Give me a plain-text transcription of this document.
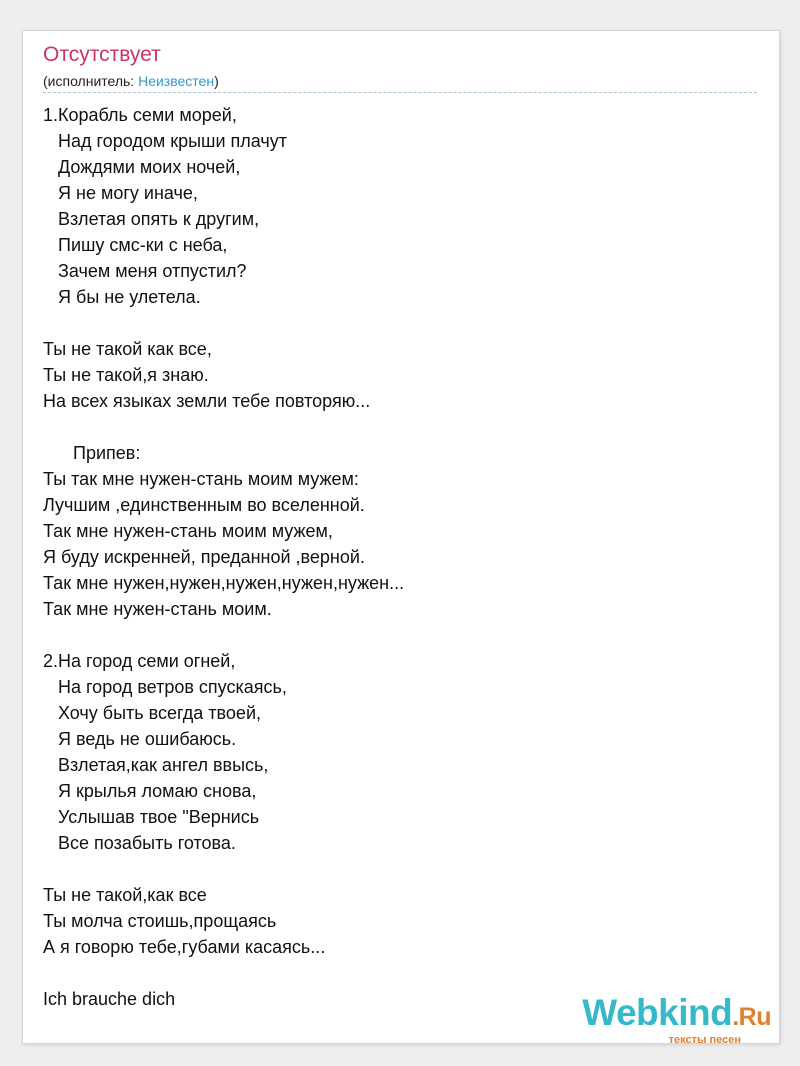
Отсутствует
(исполнитель: Неизвестен)
1.Корабль семи морей,
Над городом крыши плачут
Дождями моих ночей,
Я не могу иначе,
Взлетая опять к другим,
Пишу смс-ки с неба,
Зачем меня отпустил?
Я бы не улетела.
Ты не такой как все,
Ты не такой,я знаю.
На всех языках земли тебе повторяю...
Припев:
Ты так мне нужен-стань моим мужем:
Лучшим ,единственным во вселенной.
Так мне нужен-стань моим мужем,
Я буду искренней, преданной ,верной.
Так мне нужен,нужен,нужен,нужен,нужен...
Так мне нужен-стань моим.
2.На город семи огней,
На город ветров спускаясь,
Хочу быть всегда твоей,
Я ведь не ошибаюсь.
Взлетая,как ангел ввысь,
Я крылья ломаю снова,
Услышав твое "Вернись
Все позабыть готова.
Ты не такой,как все
Ты молча стоишь,прощаясь
А я говорю тебе,губами касаясь...
Ich brauche dich	Webkind.Ru
тексты песен
